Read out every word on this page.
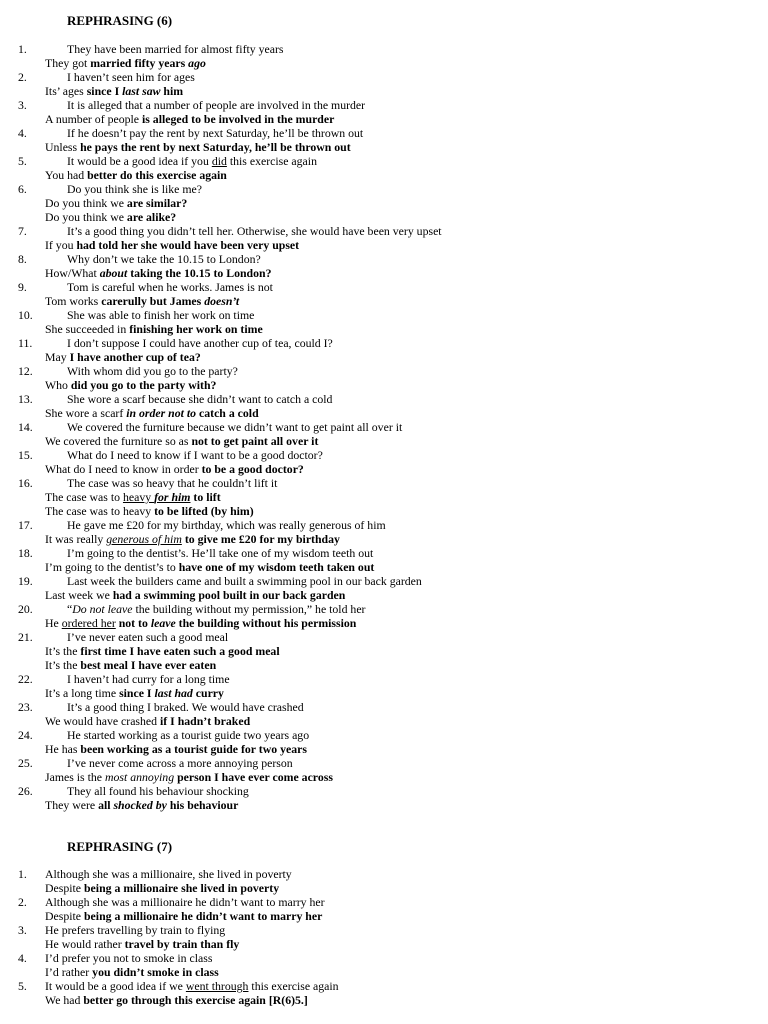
REPHRASING (6)
1.	They have been married for almost fifty years
They got married fifty years ago
2.	I haven’t seen him for ages
Its’ ages since I last saw him
3.	It is alleged that a number of people are involved in the murder
A number of people is alleged to be involved in the murder
4.	If he doesn’t pay the rent by next Saturday, he’ll be thrown out
Unless he pays the rent by next Saturday, he’ll be thrown out
5.	It would be a good idea if you did this exercise again
You had better do this exercise again
6.	Do you think she is like me?
Do you think we are similar?
Do you think we are alike?
7.	It’s a good thing you didn’t tell her. Otherwise, she would have been very upset
If you had told her she would have been very upset
8.	Why don’t we take the 10.15 to London?
How/What about taking the 10.15 to London?
9.	Tom is careful when he works. James is not
Tom works carerully but James doesn’t
10.	She was able to finish her work on time
She succeeded in finishing her work on time
11.	I don’t suppose I could have another cup of tea, could I?
May I have another cup of tea?
12.	With whom did you go to the party?
Who did you go to the party with?
13.	She wore a scarf because she didn’t want to catch a cold
She wore a scarf in order not to catch a cold
14.	We covered the furniture because we didn’t want to get paint all over it
We covered the furniture so as not to get paint all over it
15.	What do I need to know if I want to be a good doctor?
What do I need to know in order to be a good doctor?
16.	The case was so heavy that he couldn’t lift it
The case was to heavy for him to lift
The case was to heavy to be lifted (by him)
17.	He gave me £20 for my birthday, which was really generous of him
It was really generous of him to give me £20 for my birthday
18.	I’m going to the dentist’s. He’ll take one of my wisdom teeth out
I’m going to the dentist’s to have one of my wisdom teeth taken out
19.	Last week the builders came and built a swimming pool in our back garden
Last week we had a swimming pool built in our back garden
20.	“Do not leave the building without my permission,” he told her
He ordered her not to leave the building without his permission
21.	I’ve never eaten such a good meal
It’s the first time I have eaten such a good meal
It’s the best meal I have ever eaten
22.	I haven’t had curry for a long time
It’s a long time since I last had curry
23.	It’s a good thing I braked. We would have crashed
We would have crashed if I hadn’t braked
24.	He started working as a tourist guide two years ago
He has been working as a tourist guide for two years
25.	I’ve never come across a more annoying person
James is the most annoying person I have ever come across
26.	They all found his behaviour shocking
They were all shocked by his behaviour
REPHRASING (7)
1. Although she was a millionaire, she lived in poverty
Despite being a millionaire she lived in poverty
2. Although she was a millionaire he didn’t want to marry her
Despite being a millionaire he didn’t want to marry her
3. He prefers travelling by train to flying
He would rather travel by train than fly
4. I’d prefer you not to smoke in class
I’d rather you didn’t smoke in class
5. It would be a good idea if we went through this exercise again
We had better go through this exercise again [R(6)5.]
